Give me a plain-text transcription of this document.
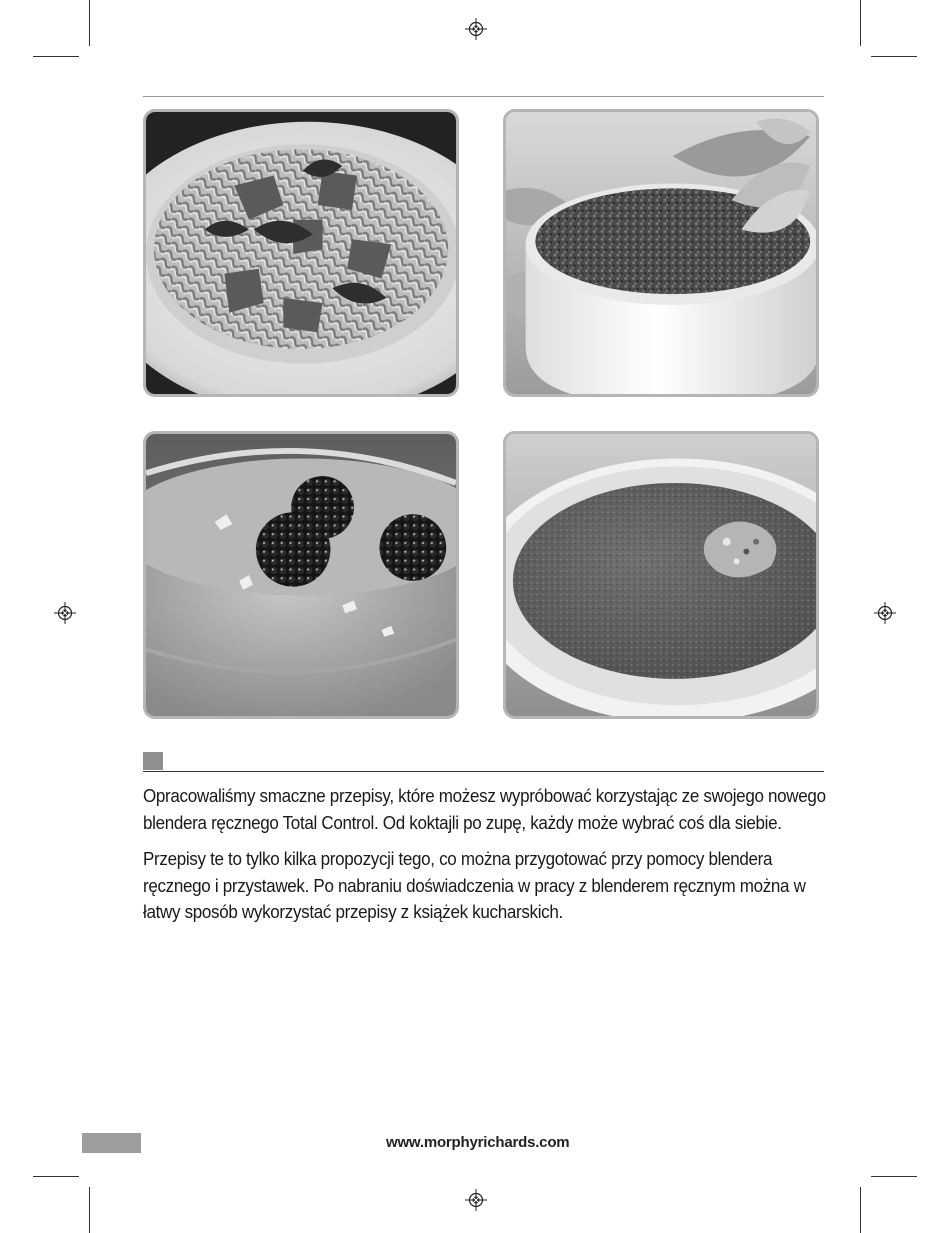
Opracowaliśmy smaczne przepisy, które możesz wypróbować korzystając ze swojego nowego blendera ręcznego Total Control. Od koktajli po zupę, każdy może wybrać coś dla siebie.

Przepisy te to tylko kilka propozycji tego, co można przygotować przy pomocy blendera ręcznego i przystawek. Po nabraniu doświadczenia w pracy z blenderem ręcznym można w łatwy sposób wykorzystać przepisy z książek kucharskich.

www.morphyrichards.com
